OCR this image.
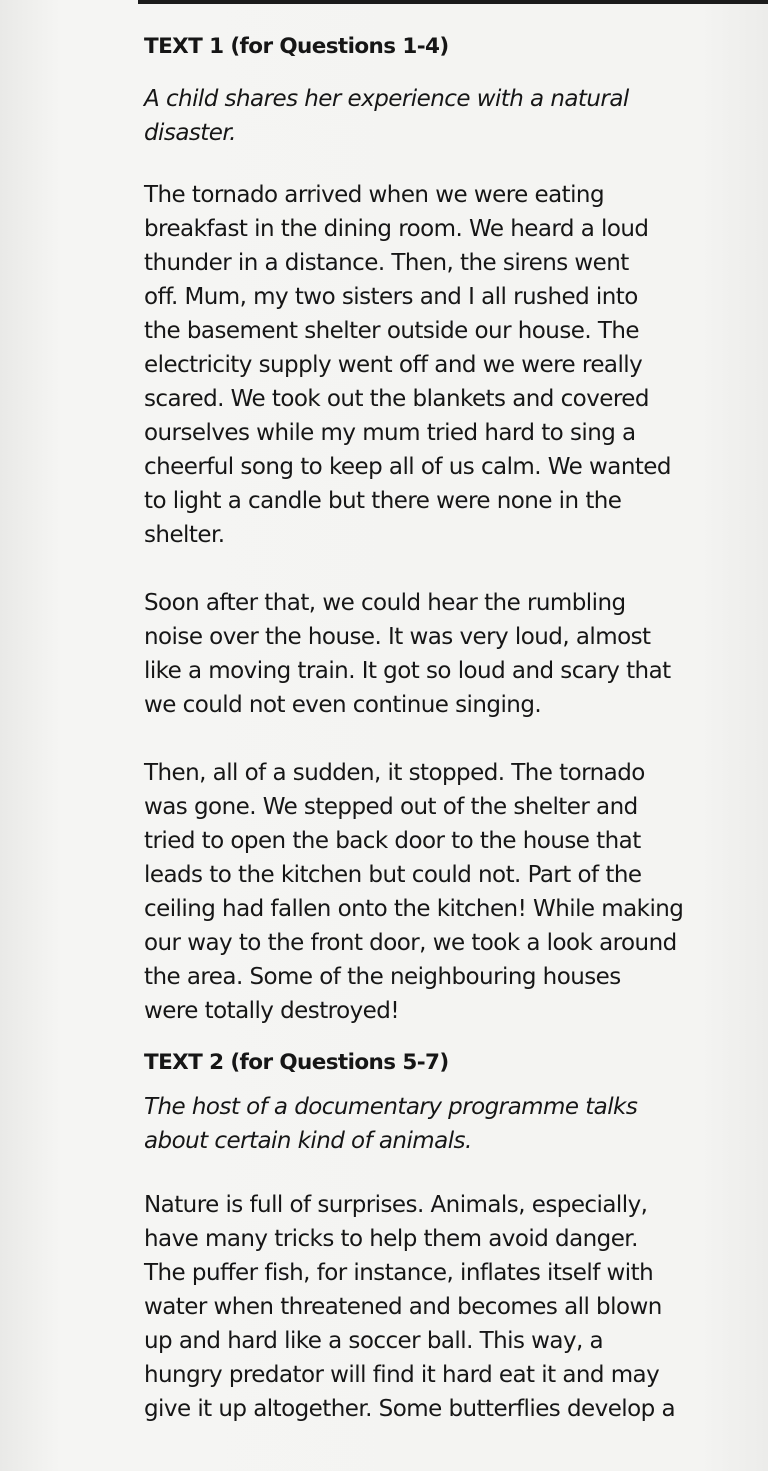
TEXT 1 (for Questions 1-4)

A child shares her experience with a natural
disaster.

The tornado arrived when we were eating
breakfast in the dining room. We heard a loud
thunder in a distance. Then, the sirens went
off. Mum, my two sisters and I all rushed into
the basement shelter outside our house. The
electricity supply went off and we were really
scared. We took out the blankets and covered
ourselves while my mum tried hard to sing a
cheerful song to keep all of us calm. We wanted
to light a candle but there were none in the
shelter.

Soon after that, we could hear the rumbling
noise over the house. It was very loud, almost
like a moving train. It got so loud and scary that
we could not even continue singing.

Then, all of a sudden, it stopped. The tornado
was gone. We stepped out of the shelter and
tried to open the back door to the house that
leads to the kitchen but could not. Part of the
ceiling had fallen onto the kitchen! While making
our way to the front door, we took a look around
the area. Some of the neighbouring houses
were totally destroyed!

TEXT 2 (for Questions 5-7)

The host of a documentary programme talks
about certain kind of animals.

Nature is full of surprises. Animals, especially,
have many tricks to help them avoid danger.
The puffer fish, for instance, inflates itself with
water when threatened and becomes all blown
up and hard like a soccer ball. This way, a
hungry predator will find it hard eat it and may
give it up altogether. Some butterflies develop a
